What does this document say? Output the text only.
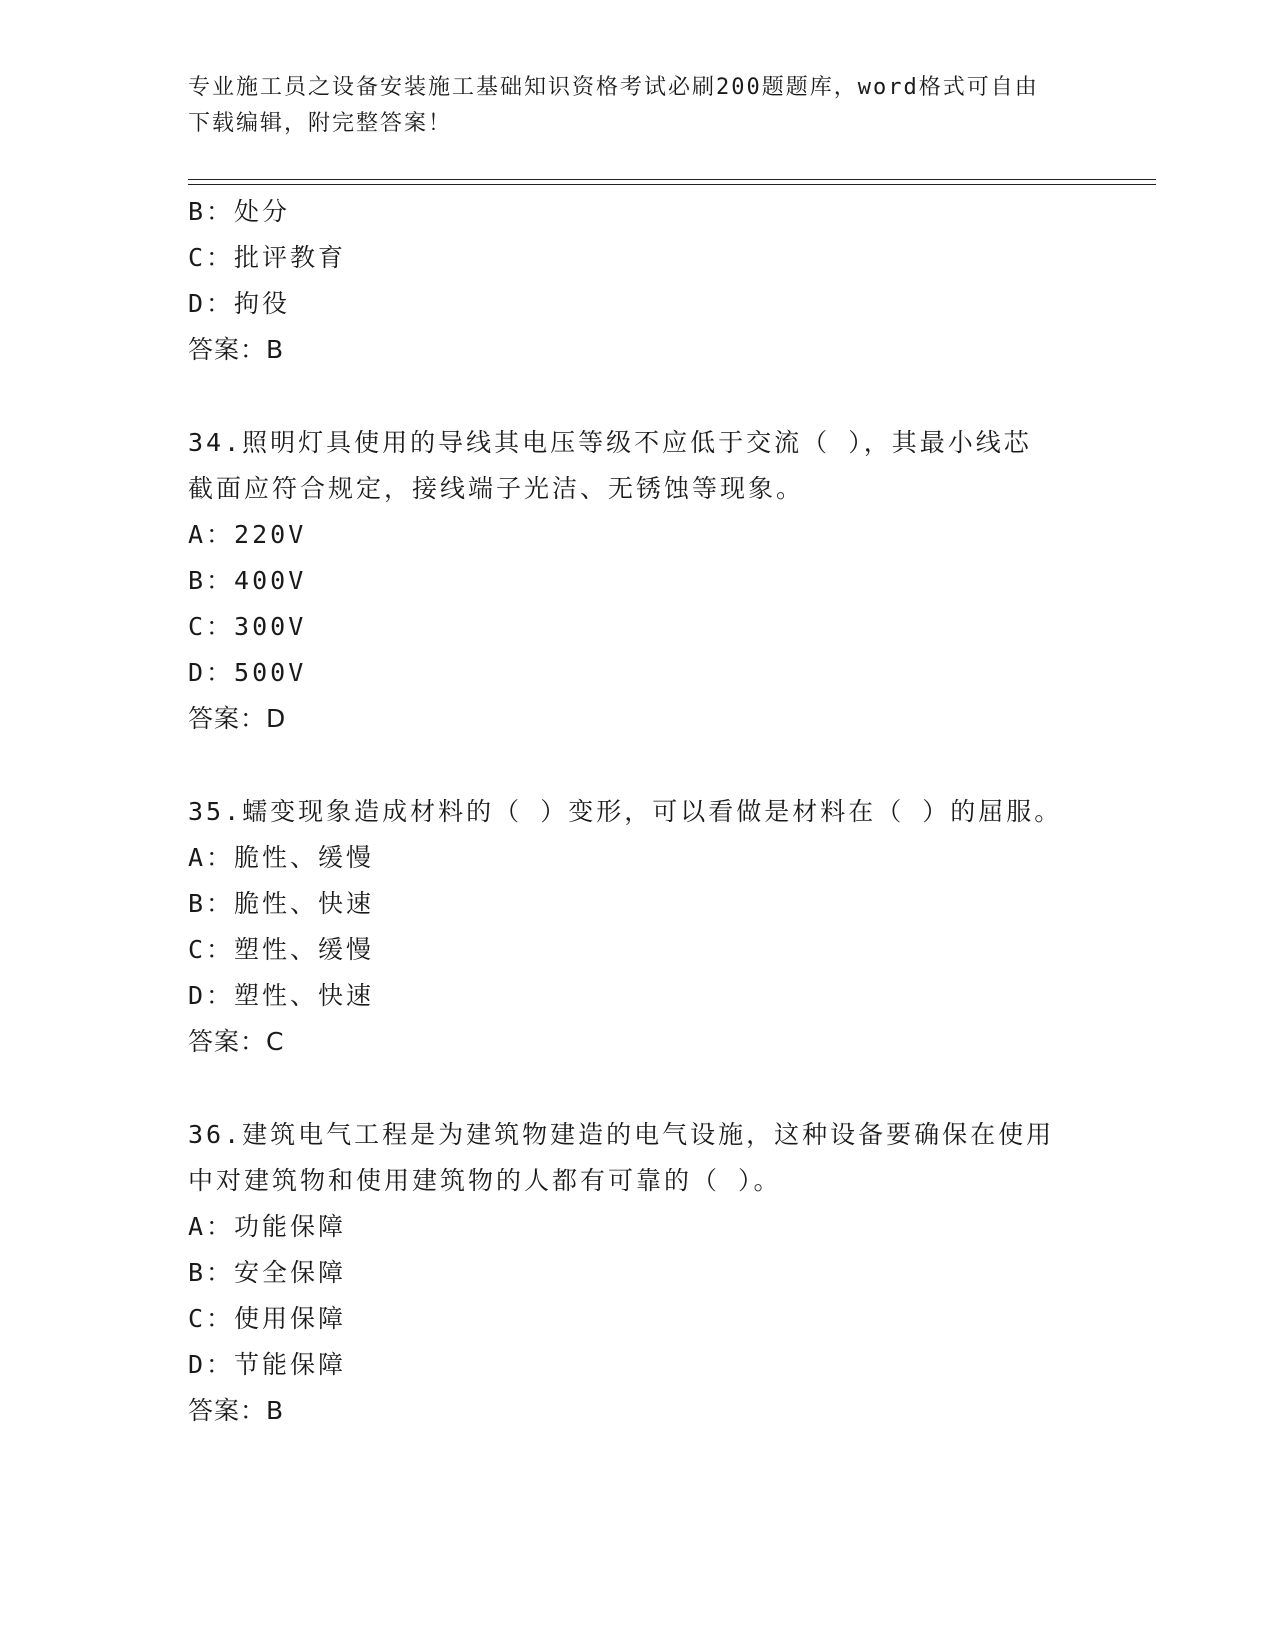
专业施工员之设备安装施工基础知识资格考试必刷200题题库，word格式可自由
下载编辑，附完整答案！
B：处分
C：批评教育
D：拘役
答案：B
34.照明灯具使用的导线其电压等级不应低于交流（ ），其最小线芯
截面应符合规定，接线端子光洁、无锈蚀等现象。
A：220V
B：400V
C：300V
D：500V
答案：D
35.蠕变现象造成材料的（ ）变形，可以看做是材料在（ ）的屈服。
A：脆性、缓慢
B：脆性、快速
C：塑性、缓慢
D：塑性、快速
答案：C
36.建筑电气工程是为建筑物建造的电气设施，这种设备要确保在使用
中对建筑物和使用建筑物的人都有可靠的（ ）。
A：功能保障
B：安全保障
C：使用保障
D：节能保障
答案：B
